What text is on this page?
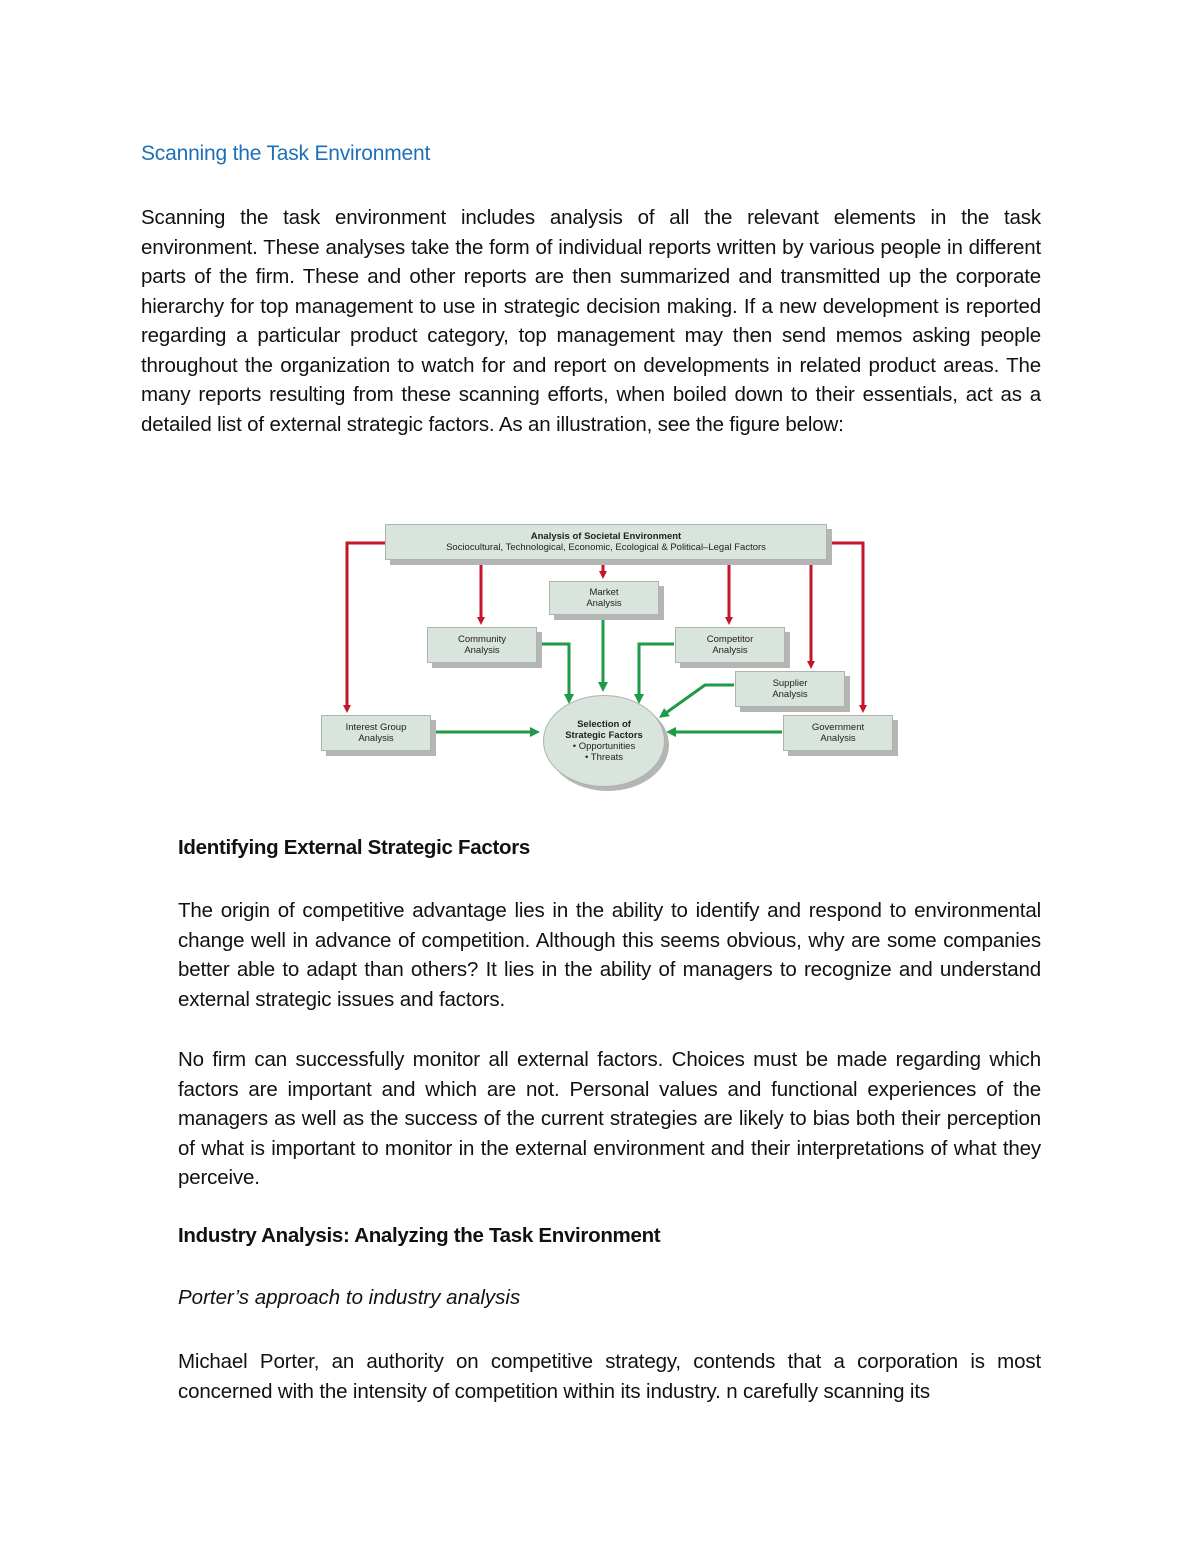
Scanning the Task Environment
Scanning the task environment includes analysis of all the relevant elements in the task environment. These analyses take the form of individual reports written by various people in different parts of the firm. These and other reports are then summarized and transmitted up the corporate hierarchy for top management to use in strategic decision making. If a new development is reported regarding a particular product category, top management may then send memos asking people throughout the organization to watch for and report on developments in related product areas. The many reports resulting from these scanning efforts, when boiled down to their essentials, act as a detailed list of external strategic factors. As an illustration, see the figure below:
Analysis of Societal Environment
Sociocultural, Technological, Economic, Ecological & Political–Legal Factors
Market
Analysis
Community
Analysis
Competitor
Analysis
Supplier
Analysis
Interest Group
Analysis
Government
Analysis
Selection of
Strategic Factors
• Opportunities
• Threats
Identifying External Strategic Factors
The origin of competitive advantage lies in the ability to identify and respond to environmental change well in advance of competition. Although this seems obvious, why are some companies better able to adapt than others? It lies in the ability of managers to recognize and understand external strategic issues and factors.
No firm can successfully monitor all external factors. Choices must be made regarding which factors are important and which are not. Personal values and functional experiences of the managers as well as the success of the current strategies are likely to bias both their perception of what is important to monitor in the external environment and their interpretations of what they perceive.
Industry Analysis: Analyzing the Task Environment
Porter’s approach to industry analysis
Michael Porter, an authority on competitive strategy, contends that a corporation is most concerned with the intensity of competition within its industry. n carefully scanning its
